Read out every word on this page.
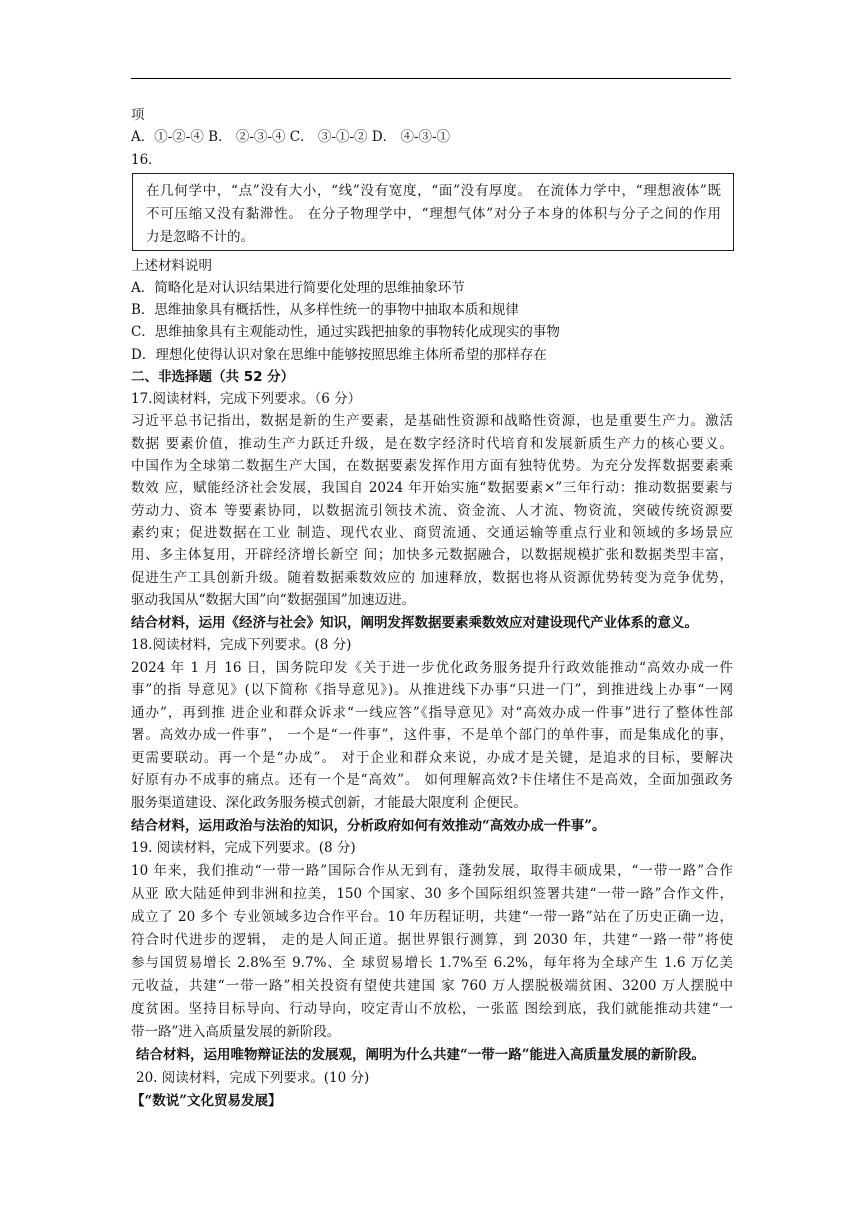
项
A．①-②-④ B． ②-③-④ C． ③-①-② D． ④-③-①
16．
在几何学中，“点”没有大小，“线”没有宽度，“面”没有厚度。 在流体力学中，“理想液体”既
不可压缩又没有黏滞性。 在分子物理学中，“理想气体”对分子本身的体积与分子之间的作用
力是忽略不计的。
上述材料说明
A．简略化是对认识结果进行简要化处理的思维抽象环节
B．思维抽象具有概括性，从多样性统一的事物中抽取本质和规律
C．思维抽象具有主观能动性，通过实践把抽象的事物转化成现实的事物
D．理想化使得认识对象在思维中能够按照思维主体所希望的那样存在
二、非选择题（共 52 分）
17.阅读材料，完成下列要求。（6 分）
习近平总书记指出，数据是新的生产要素，是基础性资源和战略性资源，也是重要生产力。激活
数据 要素价值，推动生产力跃迁升级，是在数字经济时代培育和发展新质生产力的核心要义。
中国作为全球第二数据生产大国，在数据要素发挥作用方面有独特优势。为充分发挥数据要素乘
数效 应，赋能经济社会发展，我国自 2024 年开始实施“数据要素×”三年行动：推动数据要素与
劳动力、资本 等要素协同，以数据流引领技术流、资金流、人才流、物资流，突破传统资源要
素约束；促进数据在工业 制造、现代农业、商贸流通、交通运输等重点行业和领域的多场景应
用、多主体复用，开辟经济增长新空 间；加快多元数据融合，以数据规模扩张和数据类型丰富，
促进生产工具创新升级。随着数据乘数效应的 加速释放，数据也将从资源优势转变为竞争优势，
驱动我国从“数据大国”向“数据强国”加速迈进。
结合材料，运用《经济与社会》知识，阐明发挥数据要素乘数效应对建设现代产业体系的意义。
18.阅读材料，完成下列要求。(8 分)
2024 年 1 月 16 日，国务院印发《关于进一步优化政务服务提升行政效能推动“高效办成一件
事”的指 导意见》(以下简称《指导意见》)。从推进线下办事“只进一门”，到推进线上办事“一网
通办”，再到推 进企业和群众诉求“一线应答”《指导意见》对“高效办成一件事”进行了整体性部
署。高效办成一件事”， 一个是“一件事”，这件事，不是单个部门的单件事，而是集成化的事，
更需要联动。再一个是“办成”。 对于企业和群众来说，办成才是关键，是追求的目标，要解决
好原有办不成事的痛点。还有一个是“高效”。 如何理解高效?卡住堵住不是高效，全面加强政务
服务渠道建设、深化政务服务模式创新，才能最大限度利 企便民。
结合材料，运用政治与法治的知识，分析政府如何有效推动“高效办成一件事”。
19. 阅读材料，完成下列要求。(8 分)
10 年来，我们推动“一带一路”国际合作从无到有，蓬勃发展，取得丰硕成果，“一带一路”合作
从亚 欧大陆延伸到非洲和拉美，150 个国家、30 多个国际组织签署共建“一带一路”合作文件，
成立了 20 多个 专业领域多边合作平台。10 年历程证明，共建“一带一路”站在了历史正确一边，
符合时代进步的逻辑， 走的是人间正道。据世界银行测算，到 2030 年，共建“一路一带”将使
参与国贸易增长 2.8%至 9.7%、全 球贸易增长 1.7%至 6.2%，每年将为全球产生 1.6 万亿美
元收益，共建“一带一路”相关投资有望使共建国 家 760 万人摆脱极端贫困、3200 万人摆脱中
度贫困。坚持目标导向、行动导向，咬定青山不放松，一张蓝 图绘到底，我们就能推动共建“一
带一路”进入高质量发展的新阶段。
结合材料，运用唯物辩证法的发展观，阐明为什么共建“一带一路”能进入高质量发展的新阶段。
20. 阅读材料，完成下列要求。(10 分)
【“数说”文化贸易发展】
